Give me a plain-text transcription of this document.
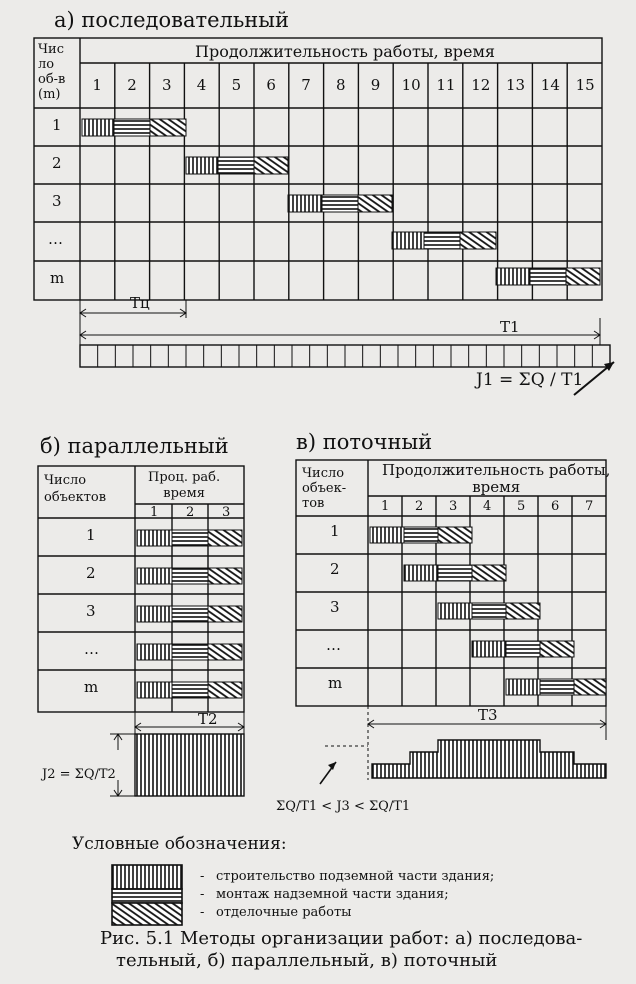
а) последовательный
Чис
ло
об-в
(m)
Продолжительность работы, время
1 2 3 4 5 6 7 8 9 10 11 12 13 14 15
1
2
3
…
m
Тц
Т1
J1 = ΣQ / T1
б) параллельный
Число
объектов
Проц. раб.
время
1 2 3
1
2
3
…
m
Т2
J2 = ΣQ/T2
в) поточный
Число
объек-
тов
Продолжительность работы,
время
1 2 3 4 5 6 7
1
2
3
…
m
Т3
ΣQ/T1 < J3 < ΣQ/T1
Условные обозначения:
строительство подземной части здания;
монтаж надземной части здания;
отделочные работы
-
-
-
Рис. 5.1 Методы организации работ: а) последова-
тельный, б) параллельный, в) поточный
